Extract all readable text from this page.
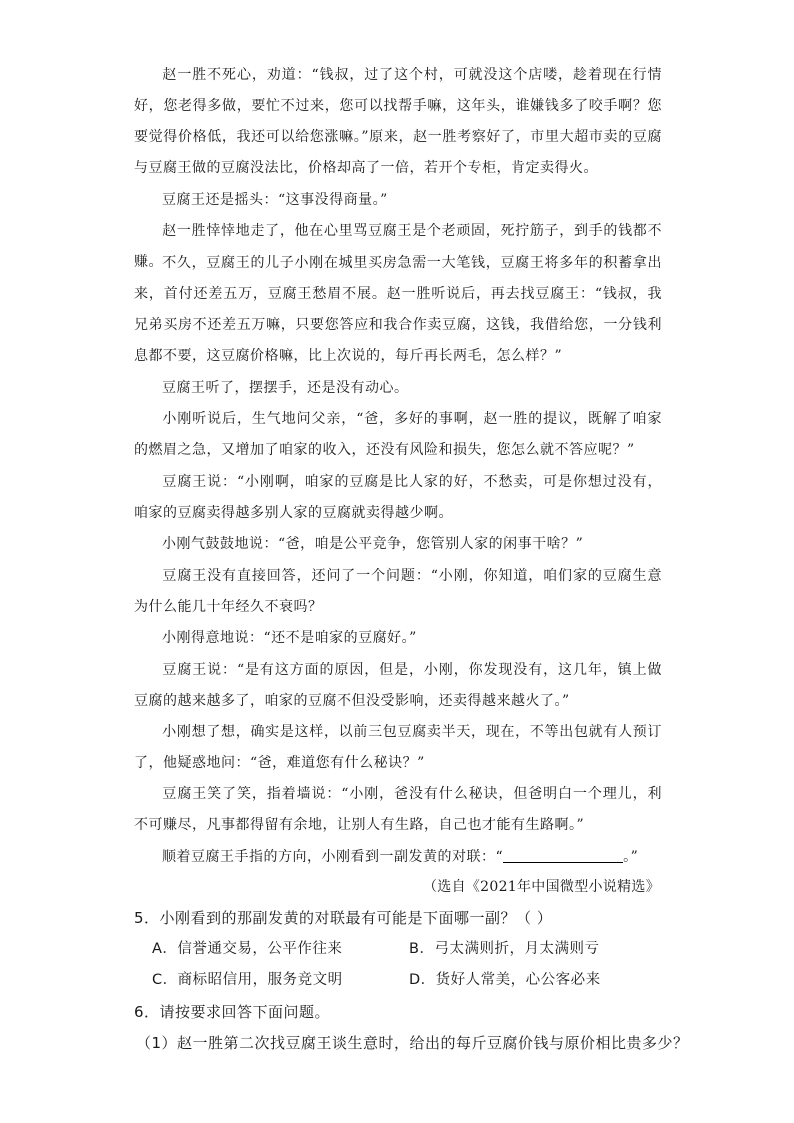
赵一胜不死心，劝道：“钱叔，过了这个村，可就没这个店喽，趁着现在行情好，您老得多做，要忙不过来，您可以找帮手嘛，这年头，谁嫌钱多了咬手啊？您要觉得价格低，我还可以给您涨嘛。”原来，赵一胜考察好了，市里大超市卖的豆腐与豆腐王做的豆腐没法比，价格却高了一倍，若开个专柜，肯定卖得火。

豆腐王还是摇头：“这事没得商量。”

赵一胜悻悻地走了，他在心里骂豆腐王是个老顽固，死拧筋子，到手的钱都不赚。 不久，豆腐王的儿子小刚在城里买房急需一大笔钱，豆腐王将多年的积蓄拿出来，首付还差五万，豆腐王愁眉不展。赵一胜听说后，再去找豆腐王：“钱叔，我兄弟买房不还差五万嘛，只要您答应和我合作卖豆腐，这钱，我借给您，一分钱利息都不要，这豆腐价格嘛，比上次说的，每斤再长两毛，怎么样？”

豆腐王听了，摆摆手，还是没有动心。

小刚听说后，生气地问父亲，“爸，多好的事啊，赵一胜的提议，既解了咱家的燃眉之急，又增加了咱家的收入，还没有风险和损失，您怎么就不答应呢？”

豆腐王说：“小刚啊，咱家的豆腐是比人家的好，不愁卖，可是你想过没有，咱家的豆腐卖得越多别人家的豆腐就卖得越少啊。

小刚气鼓鼓地说：“爸，咱是公平竞争，您管别人家的闲事干啥？”

豆腐王没有直接回答，还问了一个问题：“小刚，你知道，咱们家的豆腐生意为什么能几十年经久不衰吗？

小刚得意地说：“还不是咱家的豆腐好。”

豆腐王说：“是有这方面的原因，但是，小刚，你发现没有，这几年，镇上做豆腐的越来越多了，咱家的豆腐不但没受影响，还卖得越来越火了。”

小刚想了想，确实是这样，以前三包豆腐卖半天，现在，不等出包就有人预订了，他疑惑地问：“爸，难道您有什么秘诀？”

豆腐王笑了笑，指着墙说：“小刚，爸没有什么秘诀，但爸明白一个理儿，利不可赚尽，凡事都得留有余地，让别人有生路，自己也才能有生路啊。”

顺着豆腐王手指的方向，小刚看到一副发黄的对联：“	。”

（选自《2021年中国微型小说精选》
5．小刚看到的那副发黄的对联最有可能是下面哪一副？（ ）
A．信誉通交易，公平作往来	B．弓太满则折，月太满则亏
C．商标昭信用，服务竞文明	D．货好人常美，心公客必来
6．请按要求回答下面问题。
（1）赵一胜第二次找豆腐王谈生意时，给出的每斤豆腐价钱与原价相比贵多少？
